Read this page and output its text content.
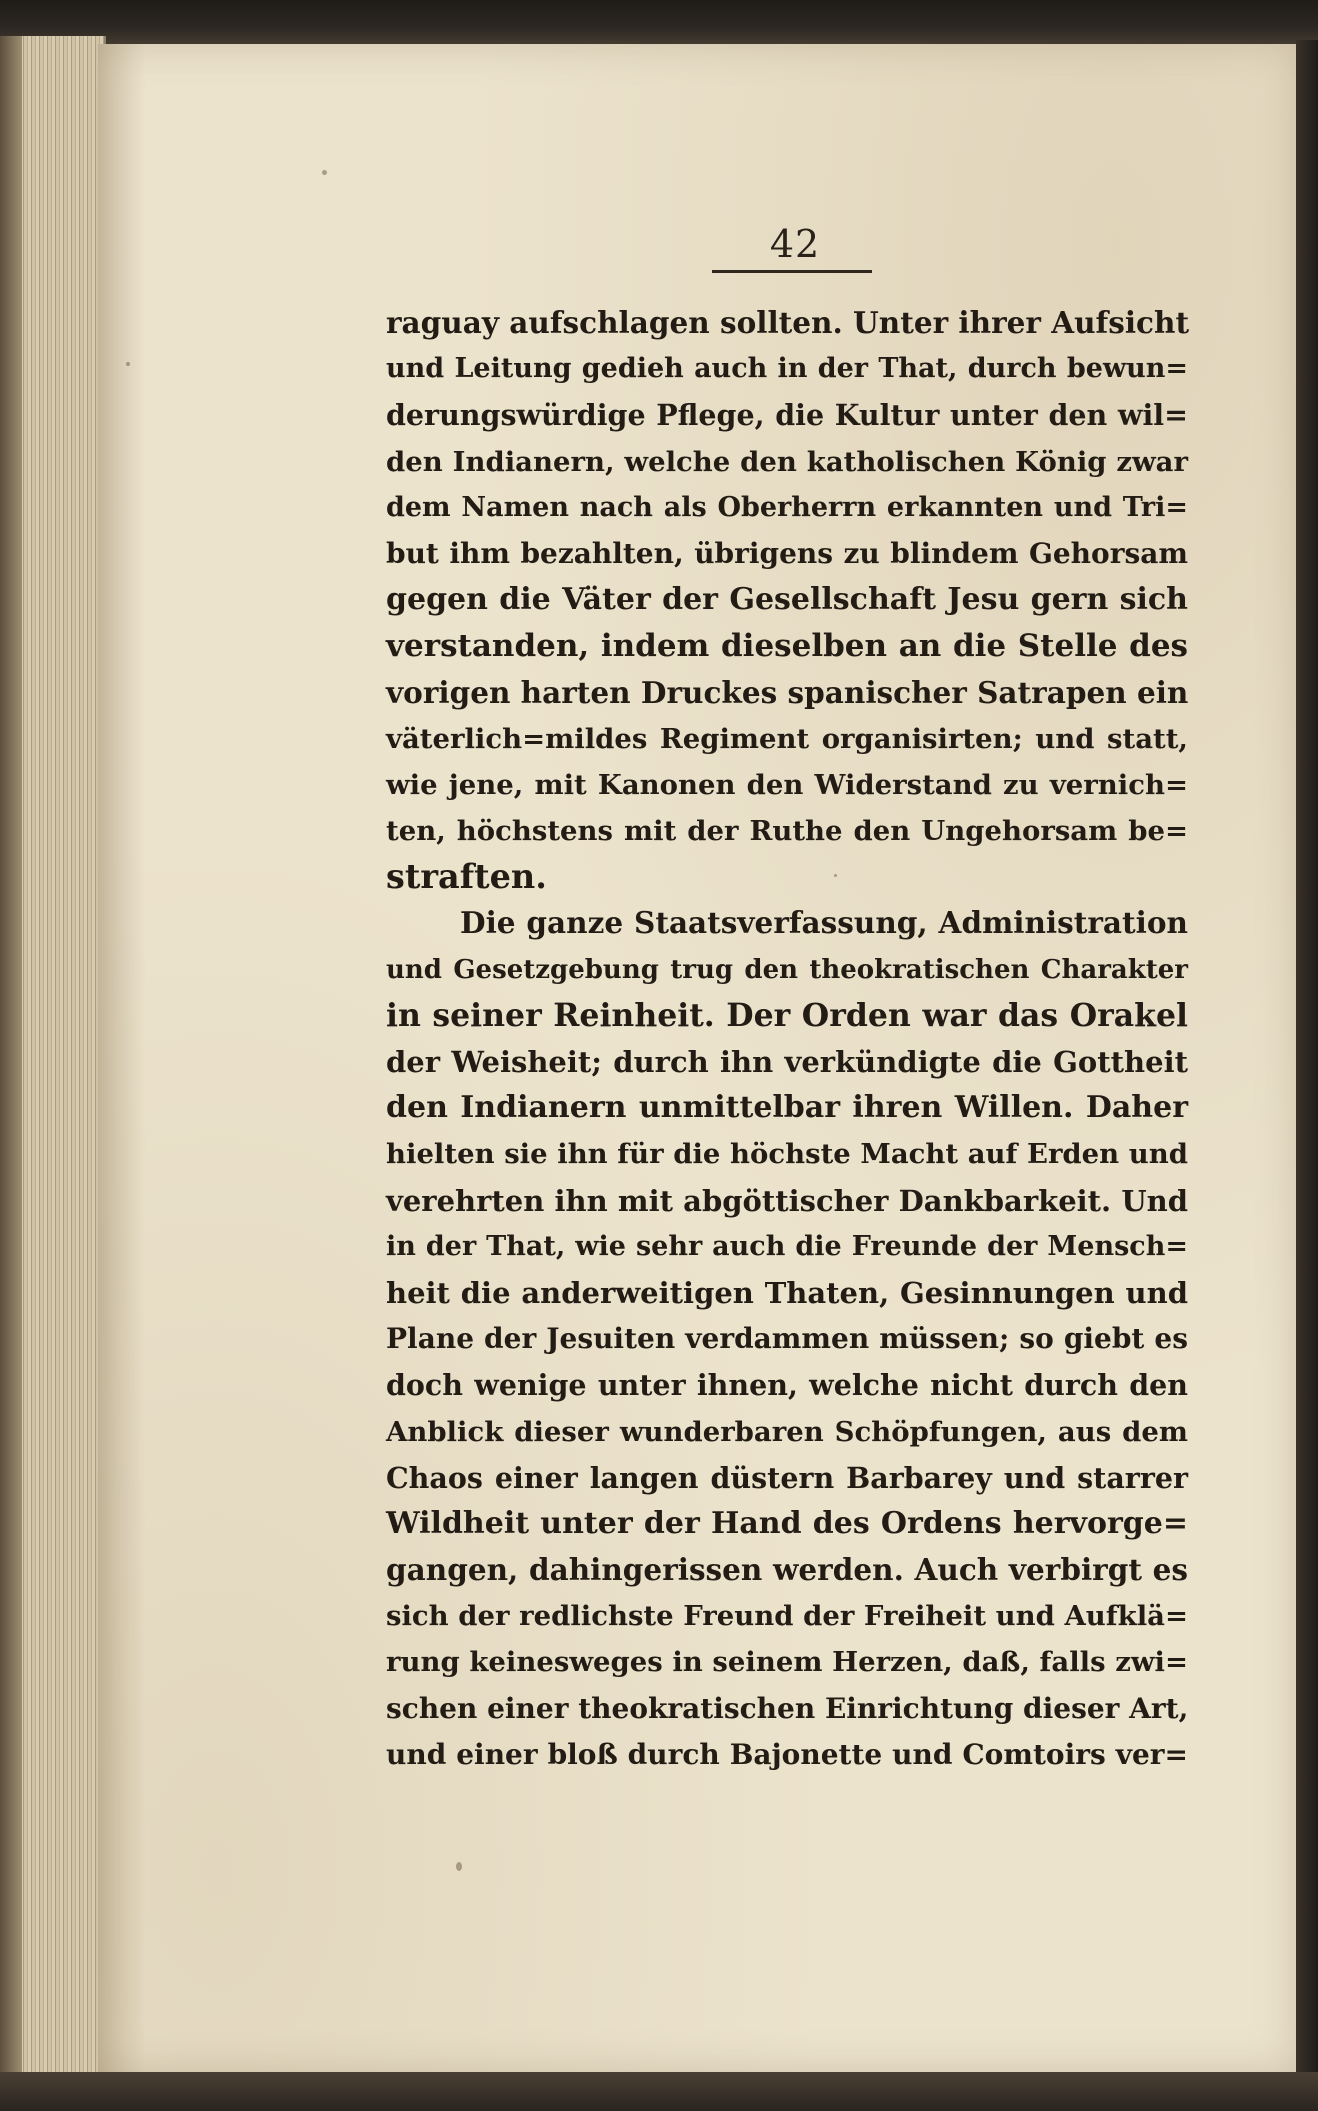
42
raguay aufschlagen sollten. Unter ihrer Aufsicht
und Leitung gedieh auch in der That, durch bewun=
derungswürdige Pflege, die Kultur unter den wil=
den Indianern, welche den katholischen König zwar
dem Namen nach als Oberherrn erkannten und Tri=
but ihm bezahlten, übrigens zu blindem Gehorsam
gegen die Väter der Gesellschaft Jesu gern sich
verstanden, indem dieselben an die Stelle des
vorigen harten Druckes spanischer Satrapen ein
väterlich=mildes Regiment organisirten; und statt,
wie jene, mit Kanonen den Widerstand zu vernich=
ten, höchstens mit der Ruthe den Ungehorsam be=
straften.
Die ganze Staatsverfassung, Administration
und Gesetzgebung trug den theokratischen Charakter
in seiner Reinheit. Der Orden war das Orakel
der Weisheit; durch ihn verkündigte die Gottheit
den Indianern unmittelbar ihren Willen. Daher
hielten sie ihn für die höchste Macht auf Erden und
verehrten ihn mit abgöttischer Dankbarkeit. Und
in der That, wie sehr auch die Freunde der Mensch=
heit die anderweitigen Thaten, Gesinnungen und
Plane der Jesuiten verdammen müssen; so giebt es
doch wenige unter ihnen, welche nicht durch den
Anblick dieser wunderbaren Schöpfungen, aus dem
Chaos einer langen düstern Barbarey und starrer
Wildheit unter der Hand des Ordens hervorge=
gangen, dahingerissen werden. Auch verbirgt es
sich der redlichste Freund der Freiheit und Aufklä=
rung keinesweges in seinem Herzen, daß, falls zwi=
schen einer theokratischen Einrichtung dieser Art,
und einer bloß durch Bajonette und Comtoirs ver=
